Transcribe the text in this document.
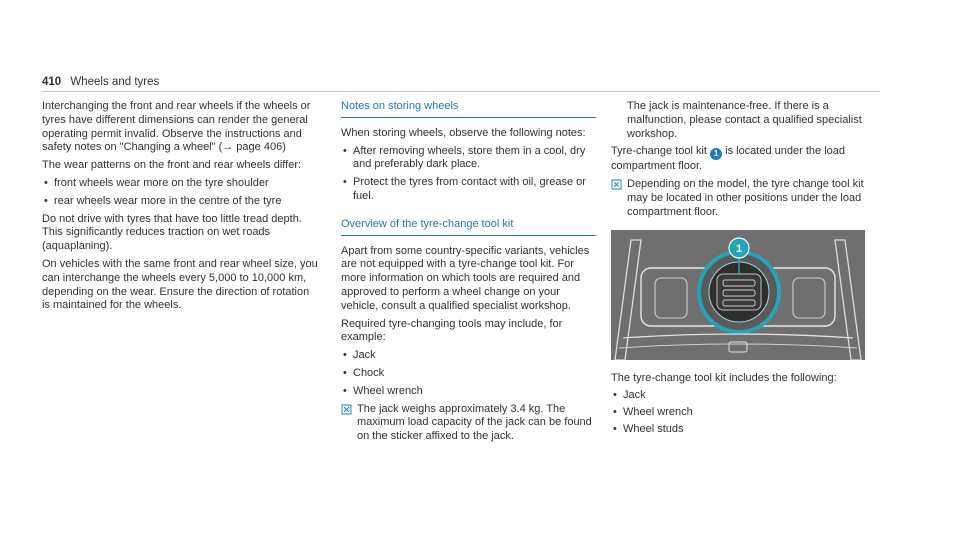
410 Wheels and tyres

Interchanging the front and rear wheels if the wheels or tyres have different dimensions can render the general operating permit invalid. Observe the instructions and safety notes on "Changing a wheel" (→ page 406)

The wear patterns on the front and rear wheels differ:

• front wheels wear more on the tyre shoulder
• rear wheels wear more in the centre of the tyre

Do not drive with tyres that have too little tread depth. This significantly reduces traction on wet roads (aquaplaning).

On vehicles with the same front and rear wheel size, you can interchange the wheels every 5,000 to 10,000 km, depending on the wear. Ensure the direction of rotation is maintained for the wheels.

Notes on storing wheels

When storing wheels, observe the following notes:

• After removing wheels, store them in a cool, dry and preferably dark place.
• Protect the tyres from contact with oil, grease or fuel.
Overview of the tyre-change tool kit

Apart from some country-specific variants, vehicles are not equipped with a tyre-change tool kit. For more information on which tools are required and approved to perform a wheel change on your vehicle, consult a qualified specialist workshop.

Required tyre-changing tools may include, for example:

• Jack
• Chock
• Wheel wrench
The jack weighs approximately 3.4 kg. The maximum load capacity of the jack can be found on the sticker affixed to the jack.

The jack is maintenance-free. If there is a malfunction, please contact a qualified specialist workshop.

Tyre-change tool kit 1 is located under the load compartment floor.

Depending on the model, the tyre change tool kit may be located in other positions under the load compartment floor.
1

The tyre-change tool kit includes the following:

• Jack
• Wheel wrench
• Wheel studs
